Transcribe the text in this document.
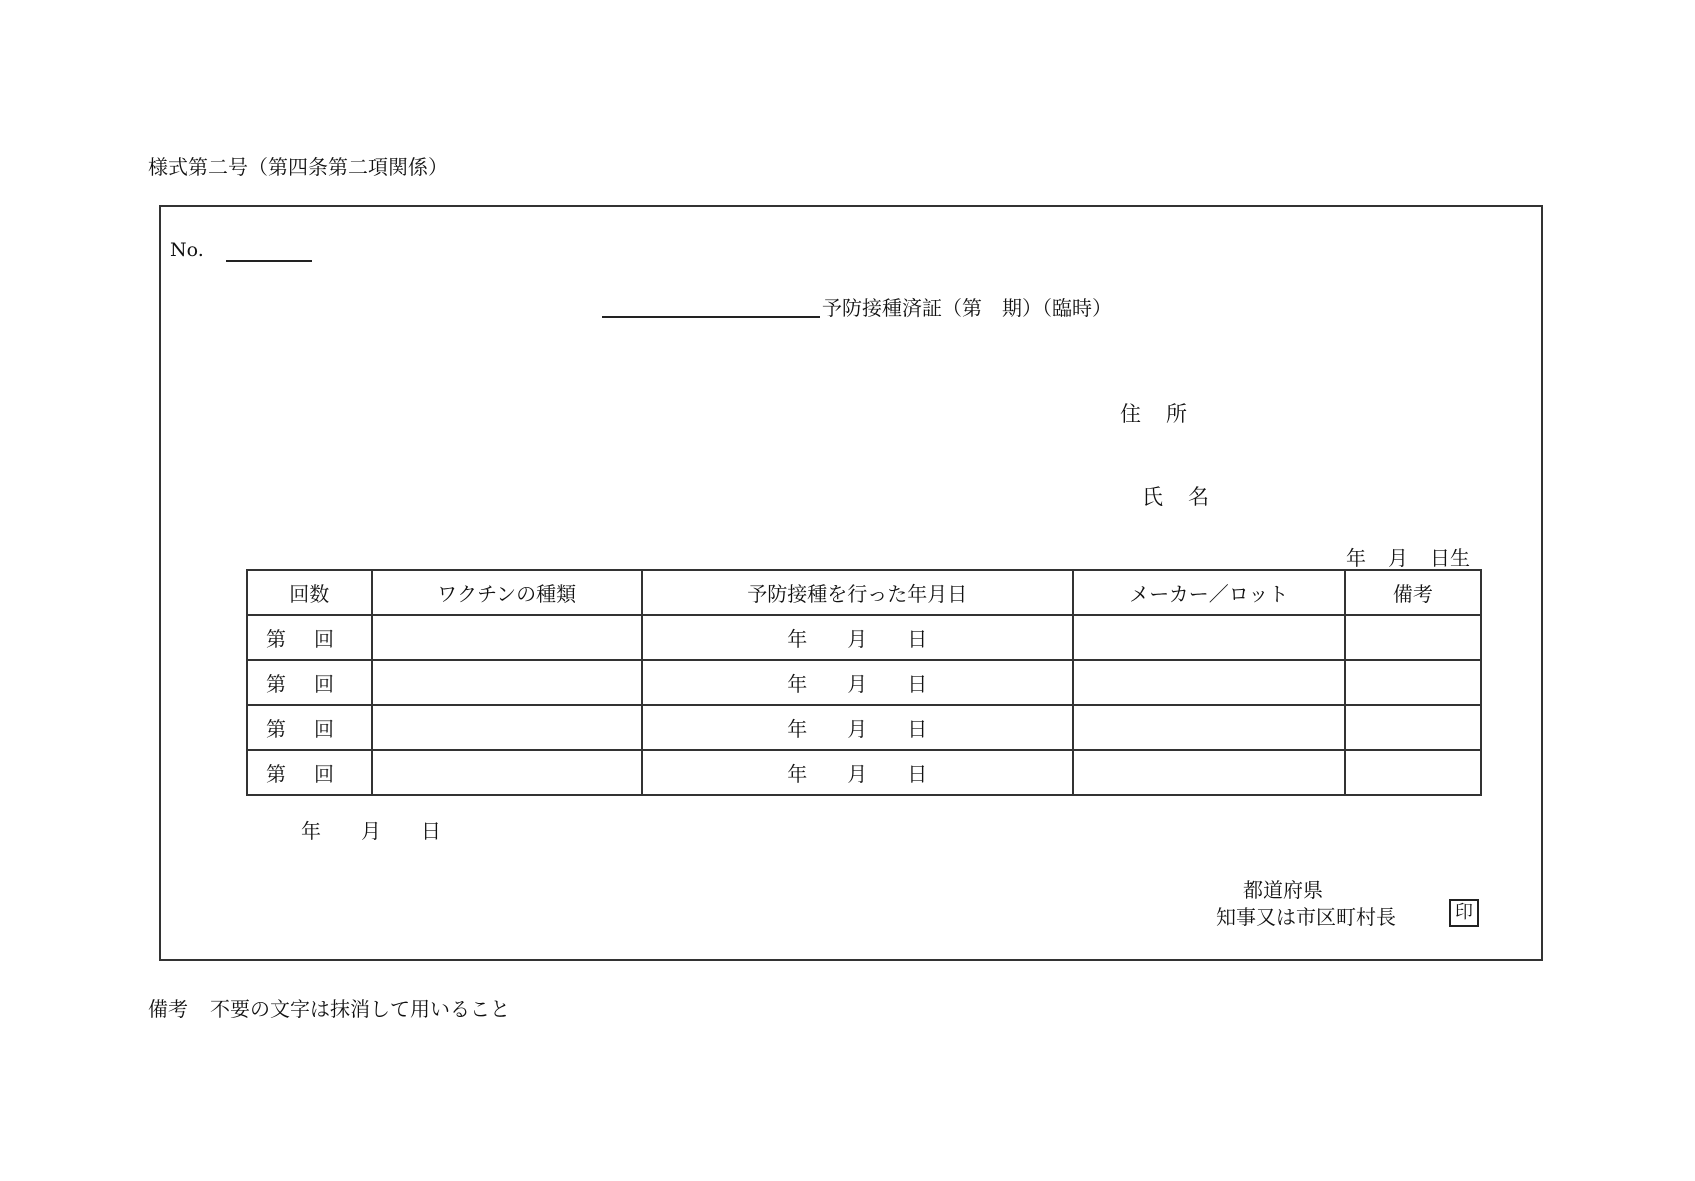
様式第二号（第四条第二項関係）
No.
予防接種済証（第　期）（臨時）
住　所
氏　名
年 月 日生
回数	ワクチンの種類	予防接種を行った年月日	メーカー／ロット	備考
第 回		年 月 日		
第 回		年 月 日		
第 回		年 月 日		
第 回		年 月 日		
年 月 日
都道府県
知事又は市区町村長	印
備考 不要の文字は抹消して用いること
